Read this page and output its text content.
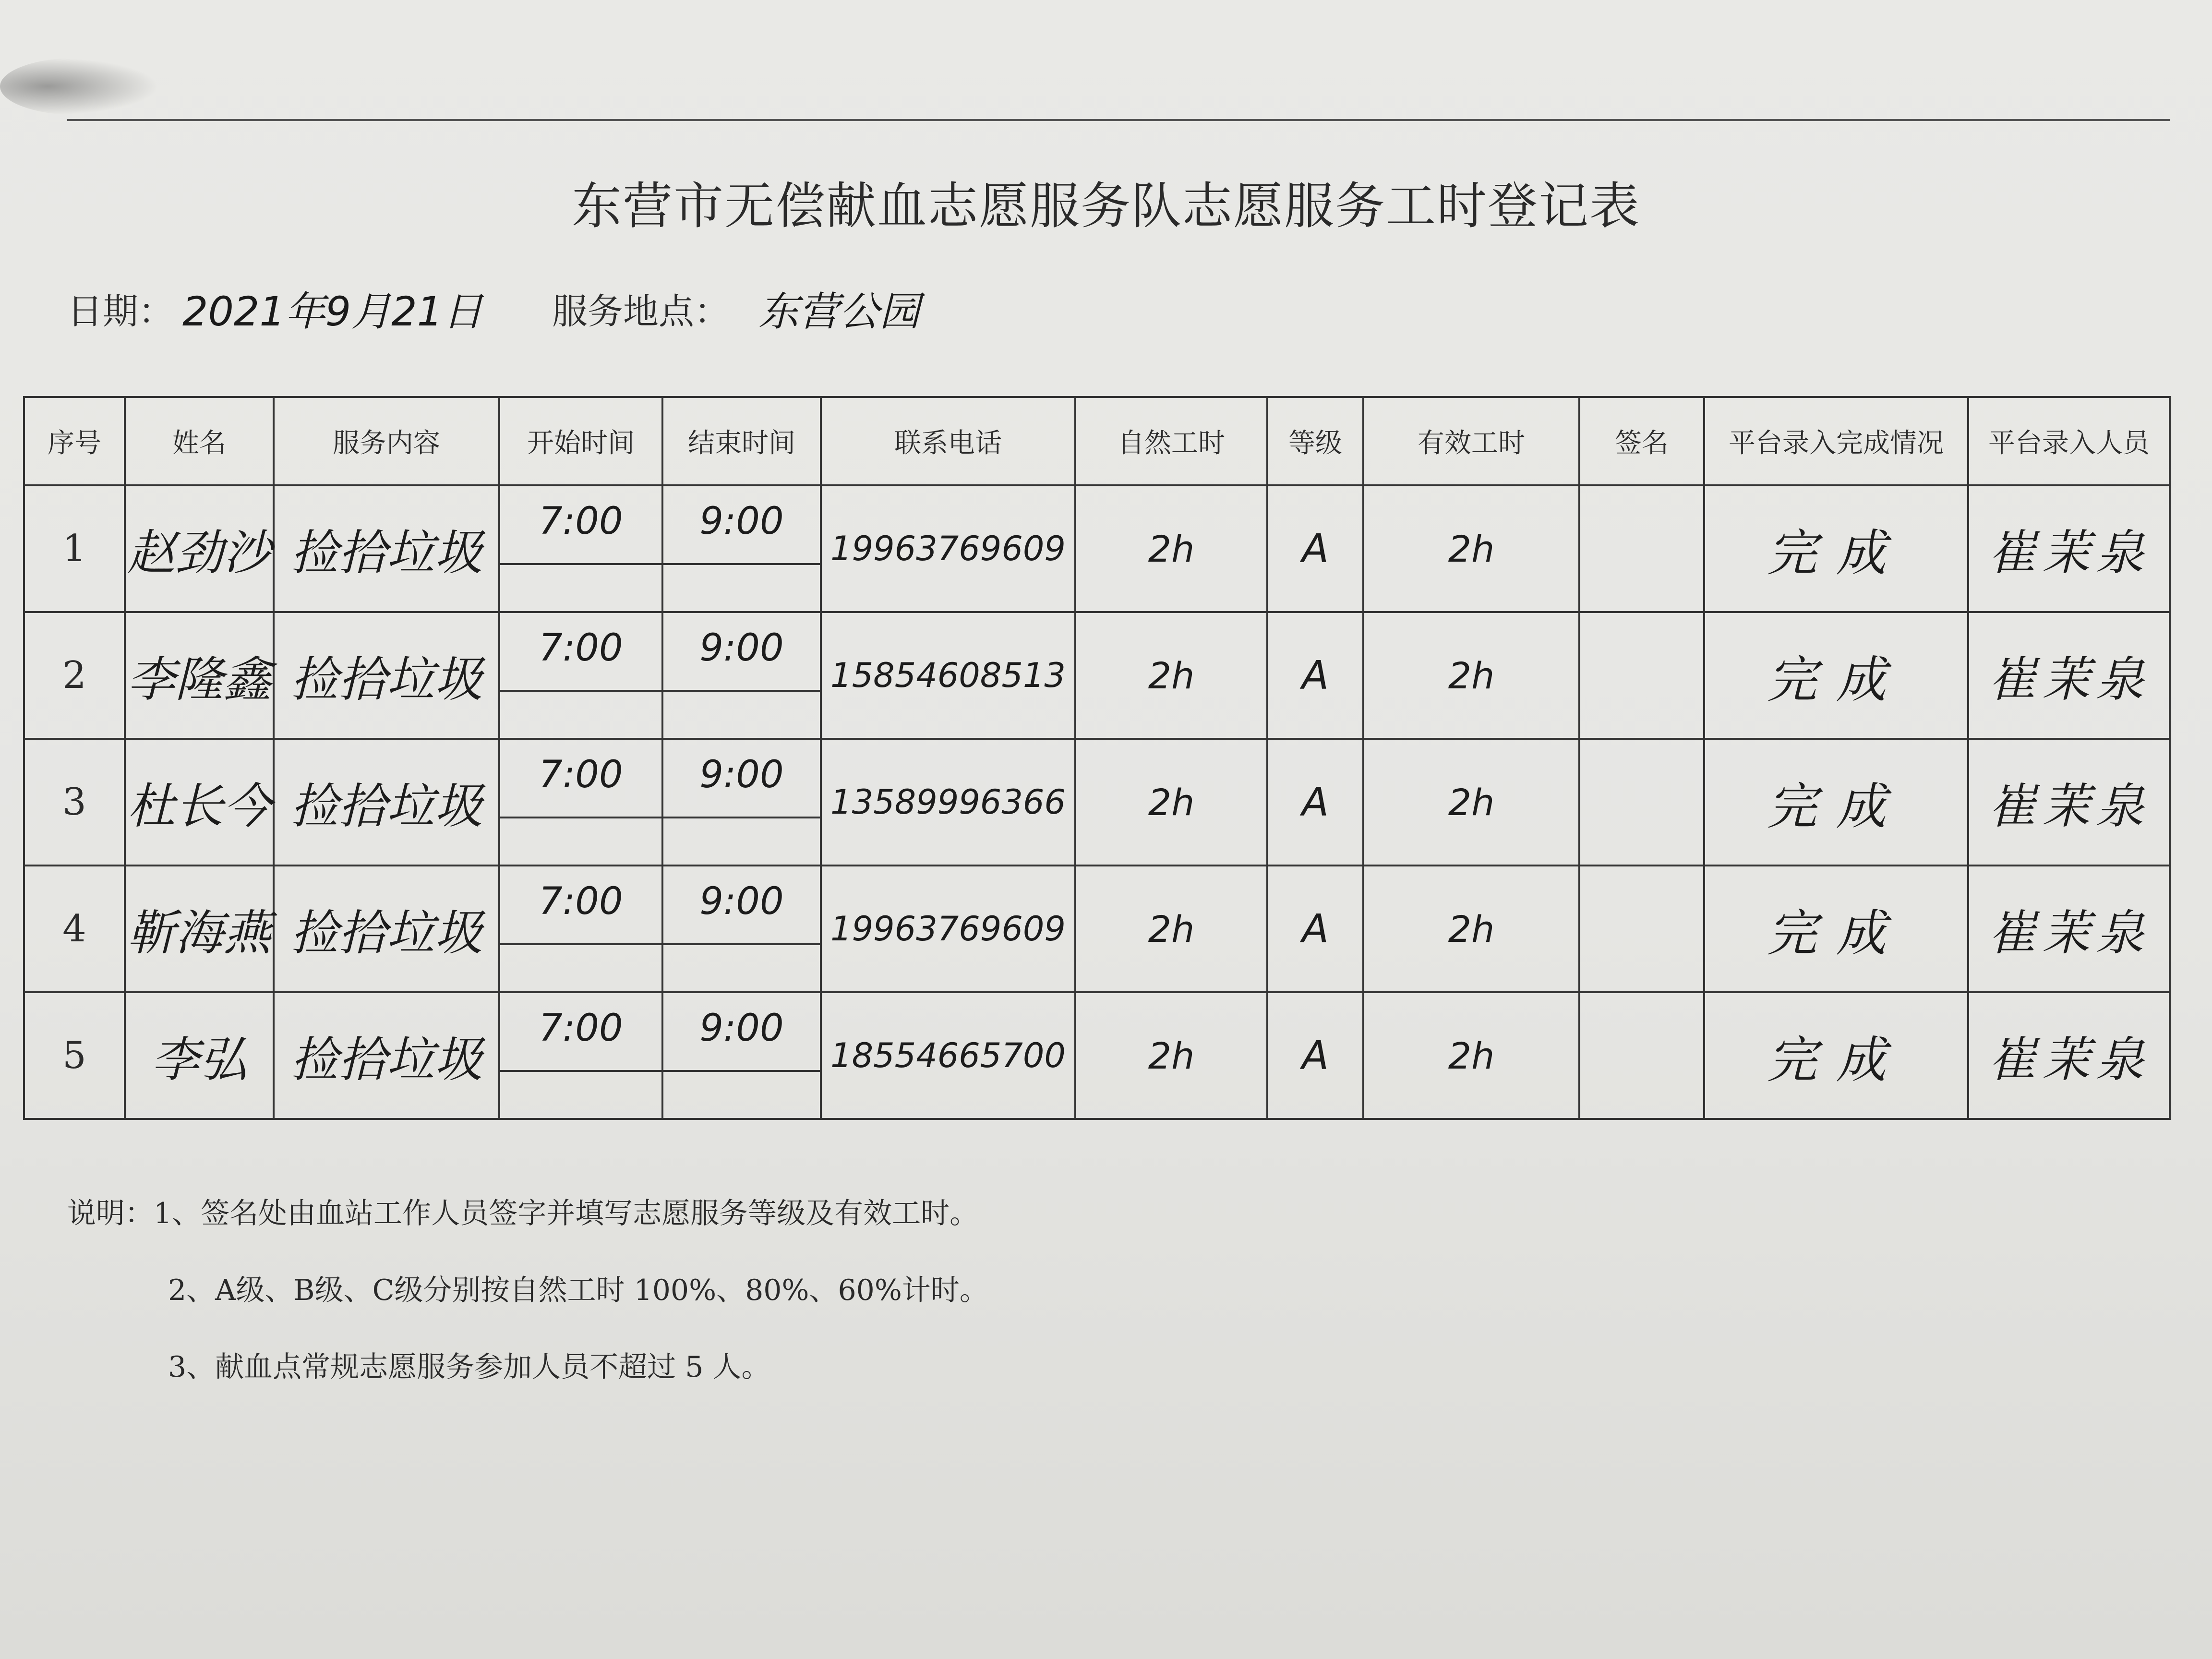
东营市无偿献血志愿服务队志愿服务工时登记表
日期： 2021年9月21日 服务地点： 东营公园
序号	姓名	服务内容	开始时间	结束时间	联系电话	自然工时	等级	有效工时	签名	平台录入完成情况	平台录入人员
1	赵劲沙	捡拾垃圾	7:00	9:00	19963769609	2h	A	2h		完成	崔茉泉
2	李隆鑫	捡拾垃圾	7:00	9:00	15854608513	2h	A	2h		完成	崔茉泉
3	杜长今	捡拾垃圾	7:00	9:00	13589996366	2h	A	2h		完成	崔茉泉
4	靳海燕	捡拾垃圾	7:00	9:00	19963769609	2h	A	2h		完成	崔茉泉
5	李弘	捡拾垃圾	7:00	9:00	18554665700	2h	A	2h		完成	崔茉泉
说明：1、签名处由血站工作人员签字并填写志愿服务等级及有效工时。
2、A级、B级、C级分别按自然工时 100%、80%、60%计时。
3、献血点常规志愿服务参加人员不超过 5 人。
